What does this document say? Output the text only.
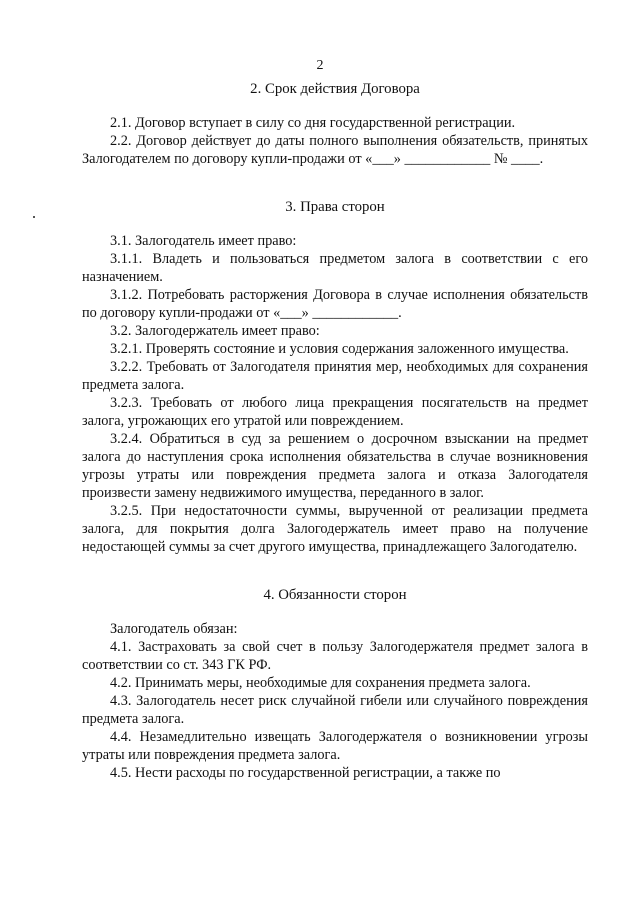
2

2. Срок действия Договора

2.1. Договор вступает в силу со дня государственной регистрации.

2.2. Договор действует до даты полного выполнения обязательств, принятых Залогодателем по договору купли-продажи от «___» ____________ № ____.

3. Права сторон

3.1. Залогодатель имеет право:

3.1.1. Владеть и пользоваться предметом залога в соответствии с его назначением.

3.1.2. Потребовать расторжения Договора в случае исполнения обязательств по договору купли-продажи от «___» ____________.

3.2. Залогодержатель имеет право:

3.2.1. Проверять состояние и условия содержания заложенного имущества.

3.2.2. Требовать от Залогодателя принятия мер, необходимых для сохранения предмета залога.

3.2.3. Требовать от любого лица прекращения посягательств на предмет залога, угрожающих его утратой или повреждением.

3.2.4. Обратиться в суд за решением о досрочном взыскании на предмет залога до наступления срока исполнения обязательства в случае возникновения угрозы утраты или повреждения предмета залога и отказа Залогодателя произвести замену недвижимого имущества, переданного в залог.

3.2.5. При недостаточности суммы, вырученной от реализации предмета залога, для покрытия долга Залогодержатель имеет право на получение недостающей суммы за счет другого имущества, принадлежащего Залогодателю.

4. Обязанности сторон

Залогодатель обязан:

4.1. Застраховать за свой счет в пользу Залогодержателя предмет залога в соответствии со ст. 343 ГК РФ.

4.2. Принимать меры, необходимые для сохранения предмета залога.

4.3. Залогодатель несет риск случайной гибели или случайного повреждения предмета залога.

4.4. Незамедлительно извещать Залогодержателя о возникновении угрозы утраты или повреждения предмета залога.

4.5. Нести расходы по государственной регистрации, а также по
